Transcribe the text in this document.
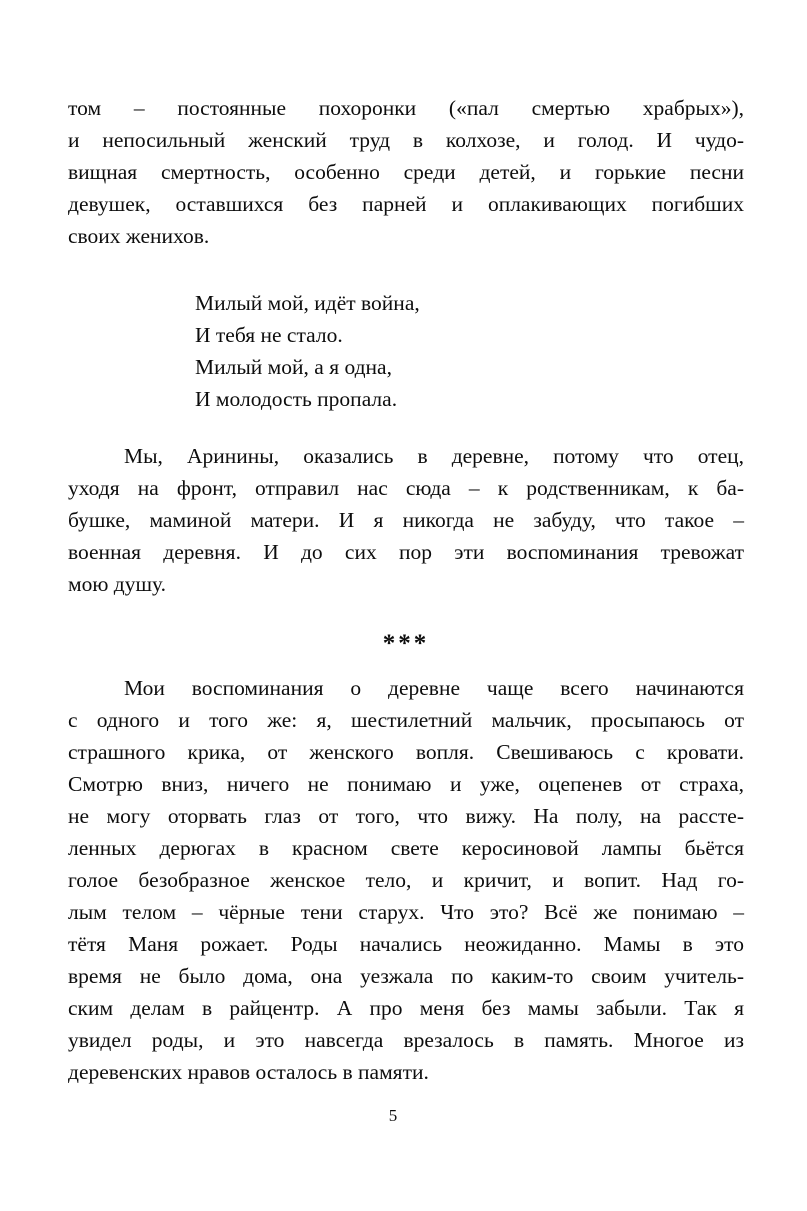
том – постоянные похоронки («пал смертью храбрых»),
и непосильный женский труд в колхозе, и голод. И чудо-
вищная смертность, особенно среди детей, и горькие песни
девушек, оставшихся без парней и оплакивающих погибших
своих женихов.
Милый мой, идёт война,
И тебя не стало.
Милый мой, а я одна,
И молодость пропала.
Мы, Аринины, оказались в деревне, потому что отец,
уходя на фронт, отправил нас сюда – к родственникам, к ба-
бушке, маминой матери. И я никогда не забуду, что такое –
военная деревня. И до сих пор эти воспоминания тревожат
мою душу.
***
Мои воспоминания о деревне чаще всего начинаются
с одного и того же: я, шестилетний мальчик, просыпаюсь от
страшного крика, от женского вопля. Свешиваюсь с кровати.
Смотрю вниз, ничего не понимаю и уже, оцепенев от страха,
не могу оторвать глаз от того, что вижу. На полу, на рассте-
ленных дерюгах в красном свете керосиновой лампы бьётся
голое безобразное женское тело, и кричит, и вопит. Над го-
лым телом – чёрные тени старух. Что это? Всё же понимаю –
тётя Маня рожает. Роды начались неожиданно. Мамы в это
время не было дома, она уезжала по каким-то своим учитель-
ским делам в райцентр. А про меня без мамы забыли. Так я
увидел роды, и это навсегда врезалось в память. Многое из
деревенских нравов осталось в памяти.
5
